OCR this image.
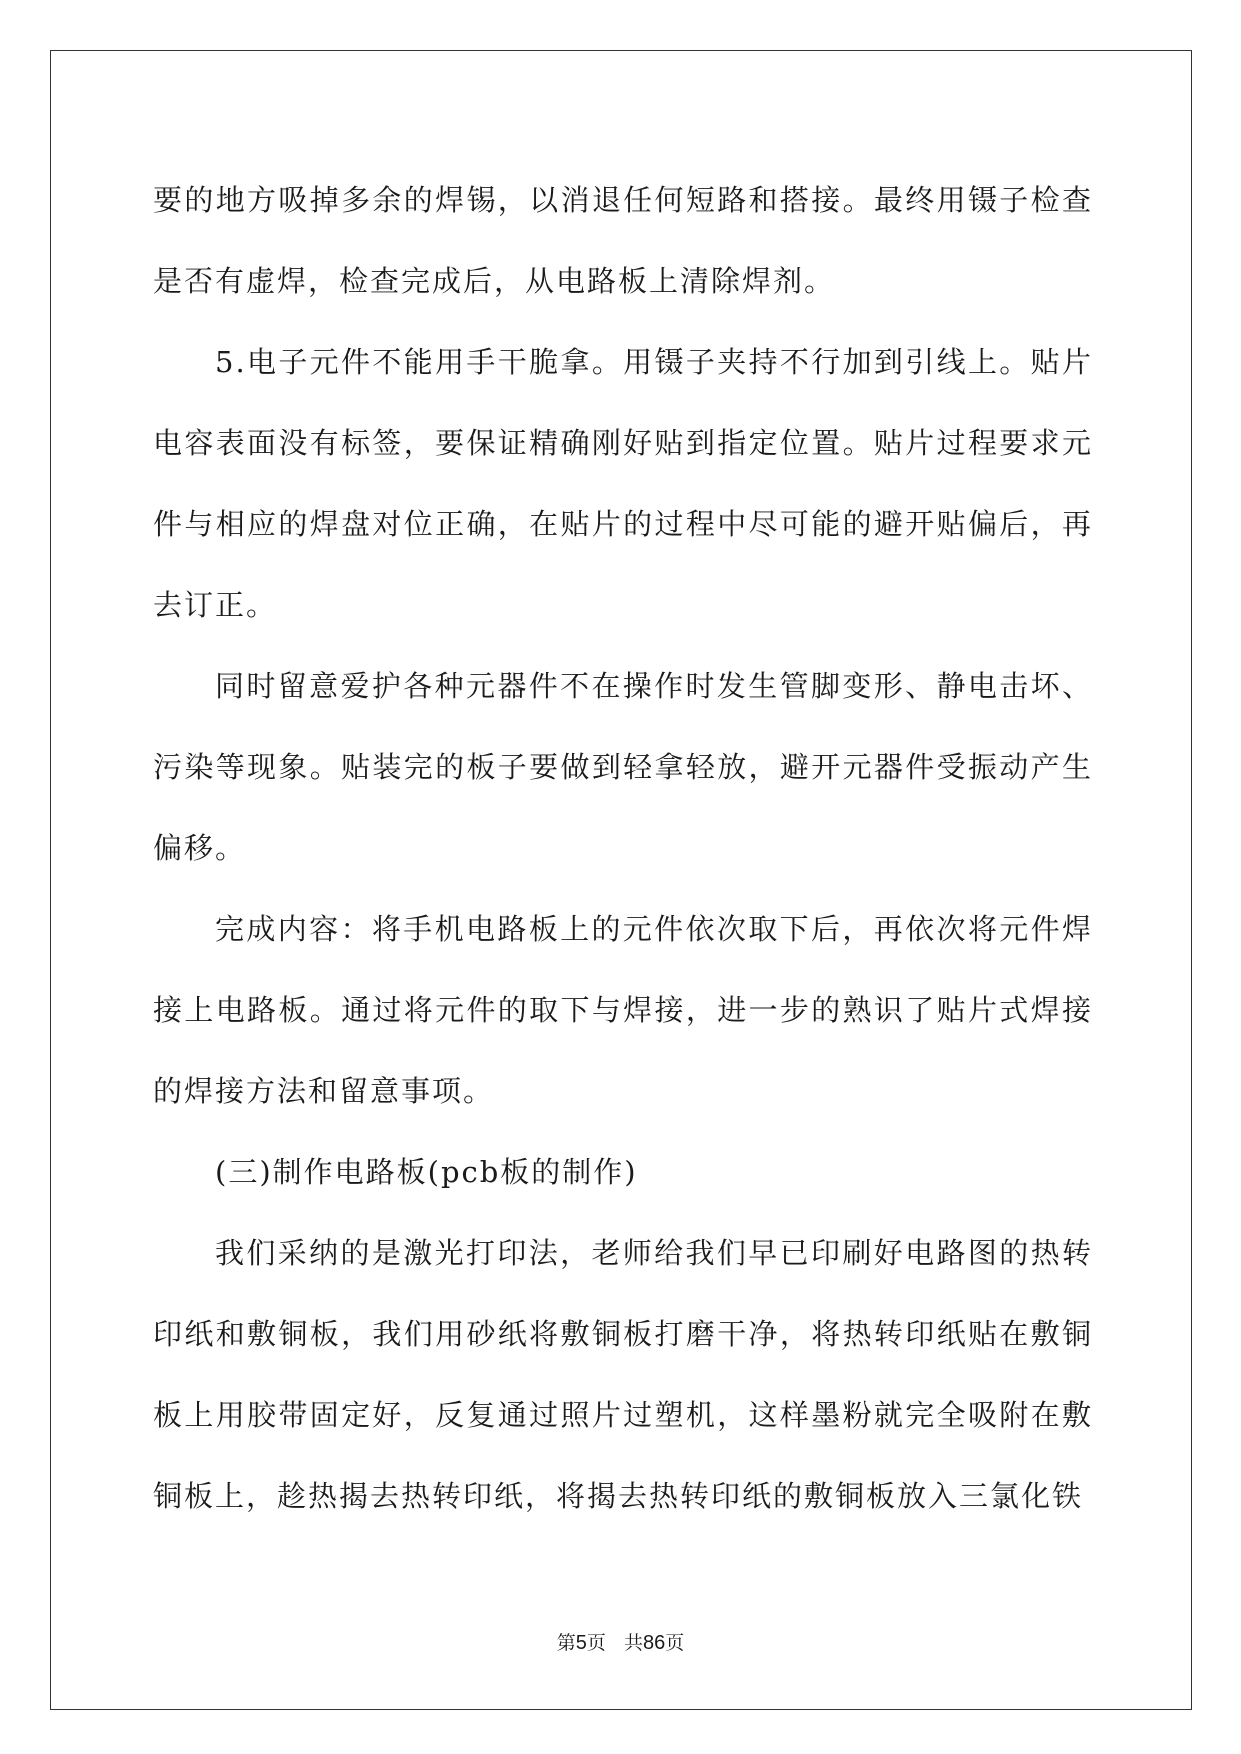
要的地方吸掉多余的焊锡，以消退任何短路和搭接。最终用镊子检查是否有虚焊，检查完成后，从电路板上清除焊剂。

5.电子元件不能用手干脆拿。用镊子夹持不行加到引线上。贴片电容表面没有标签，要保证精确刚好贴到指定位置。贴片过程要求元件与相应的焊盘对位正确，在贴片的过程中尽可能的避开贴偏后，再去订正。

同时留意爱护各种元器件不在操作时发生管脚变形、静电击坏、污染等现象。贴装完的板子要做到轻拿轻放，避开元器件受振动产生偏移。

完成内容：将手机电路板上的元件依次取下后，再依次将元件焊接上电路板。通过将元件的取下与焊接，进一步的熟识了贴片式焊接的焊接方法和留意事项。

(三)制作电路板(pcb板的制作)

我们采纳的是激光打印法，老师给我们早已印刷好电路图的热转印纸和敷铜板，我们用砂纸将敷铜板打磨干净，将热转印纸贴在敷铜板上用胶带固定好，反复通过照片过塑机，这样墨粉就完全吸附在敷铜板上，趁热揭去热转印纸，将揭去热转印纸的敷铜板放入三氯化铁

第5页 共86页
